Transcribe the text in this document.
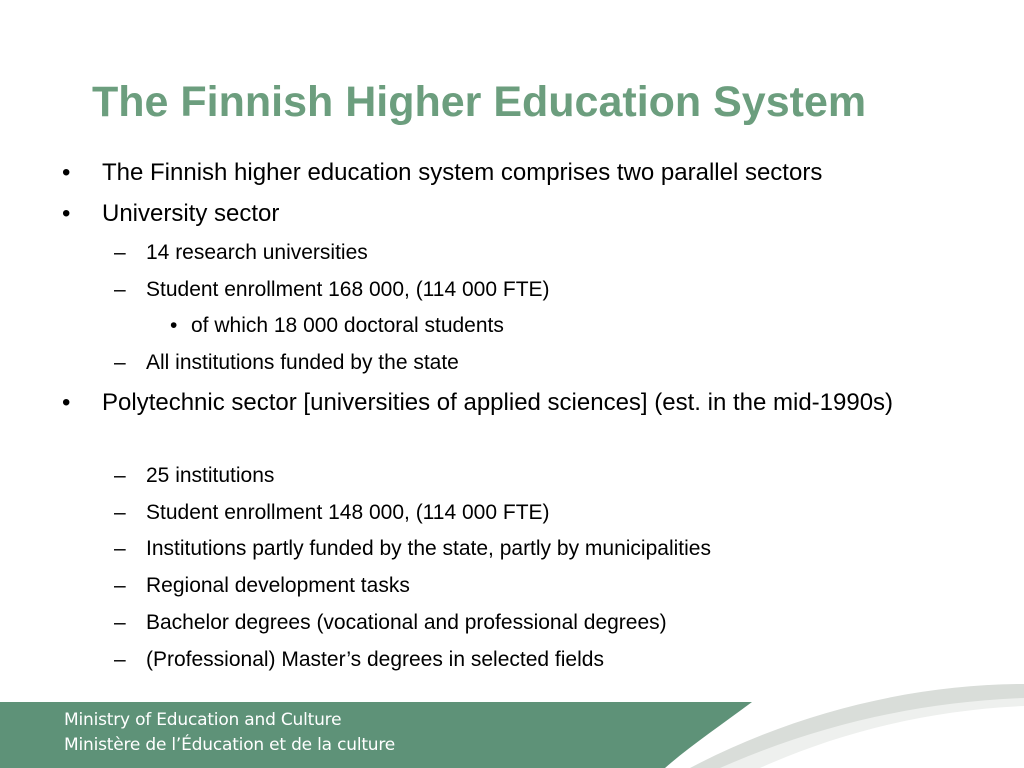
The Finnish Higher Education System
• The Finnish higher education system comprises two parallel sectors
• University sector
– 14 research universities
– Student enrollment 168 000, (114 000 FTE)
• of which 18 000 doctoral students
– All institutions funded by the state
• Polytechnic sector [universities of applied sciences] (est. in the mid-1990s)
– 25 institutions
– Student enrollment 148 000, (114 000 FTE)
– Institutions partly funded by the state, partly by municipalities
– Regional development tasks
– Bachelor degrees (vocational and professional degrees)
– (Professional) Master’s degrees in selected fields
Ministry of Education and Culture
Ministère de l’Éducation et de la culture
